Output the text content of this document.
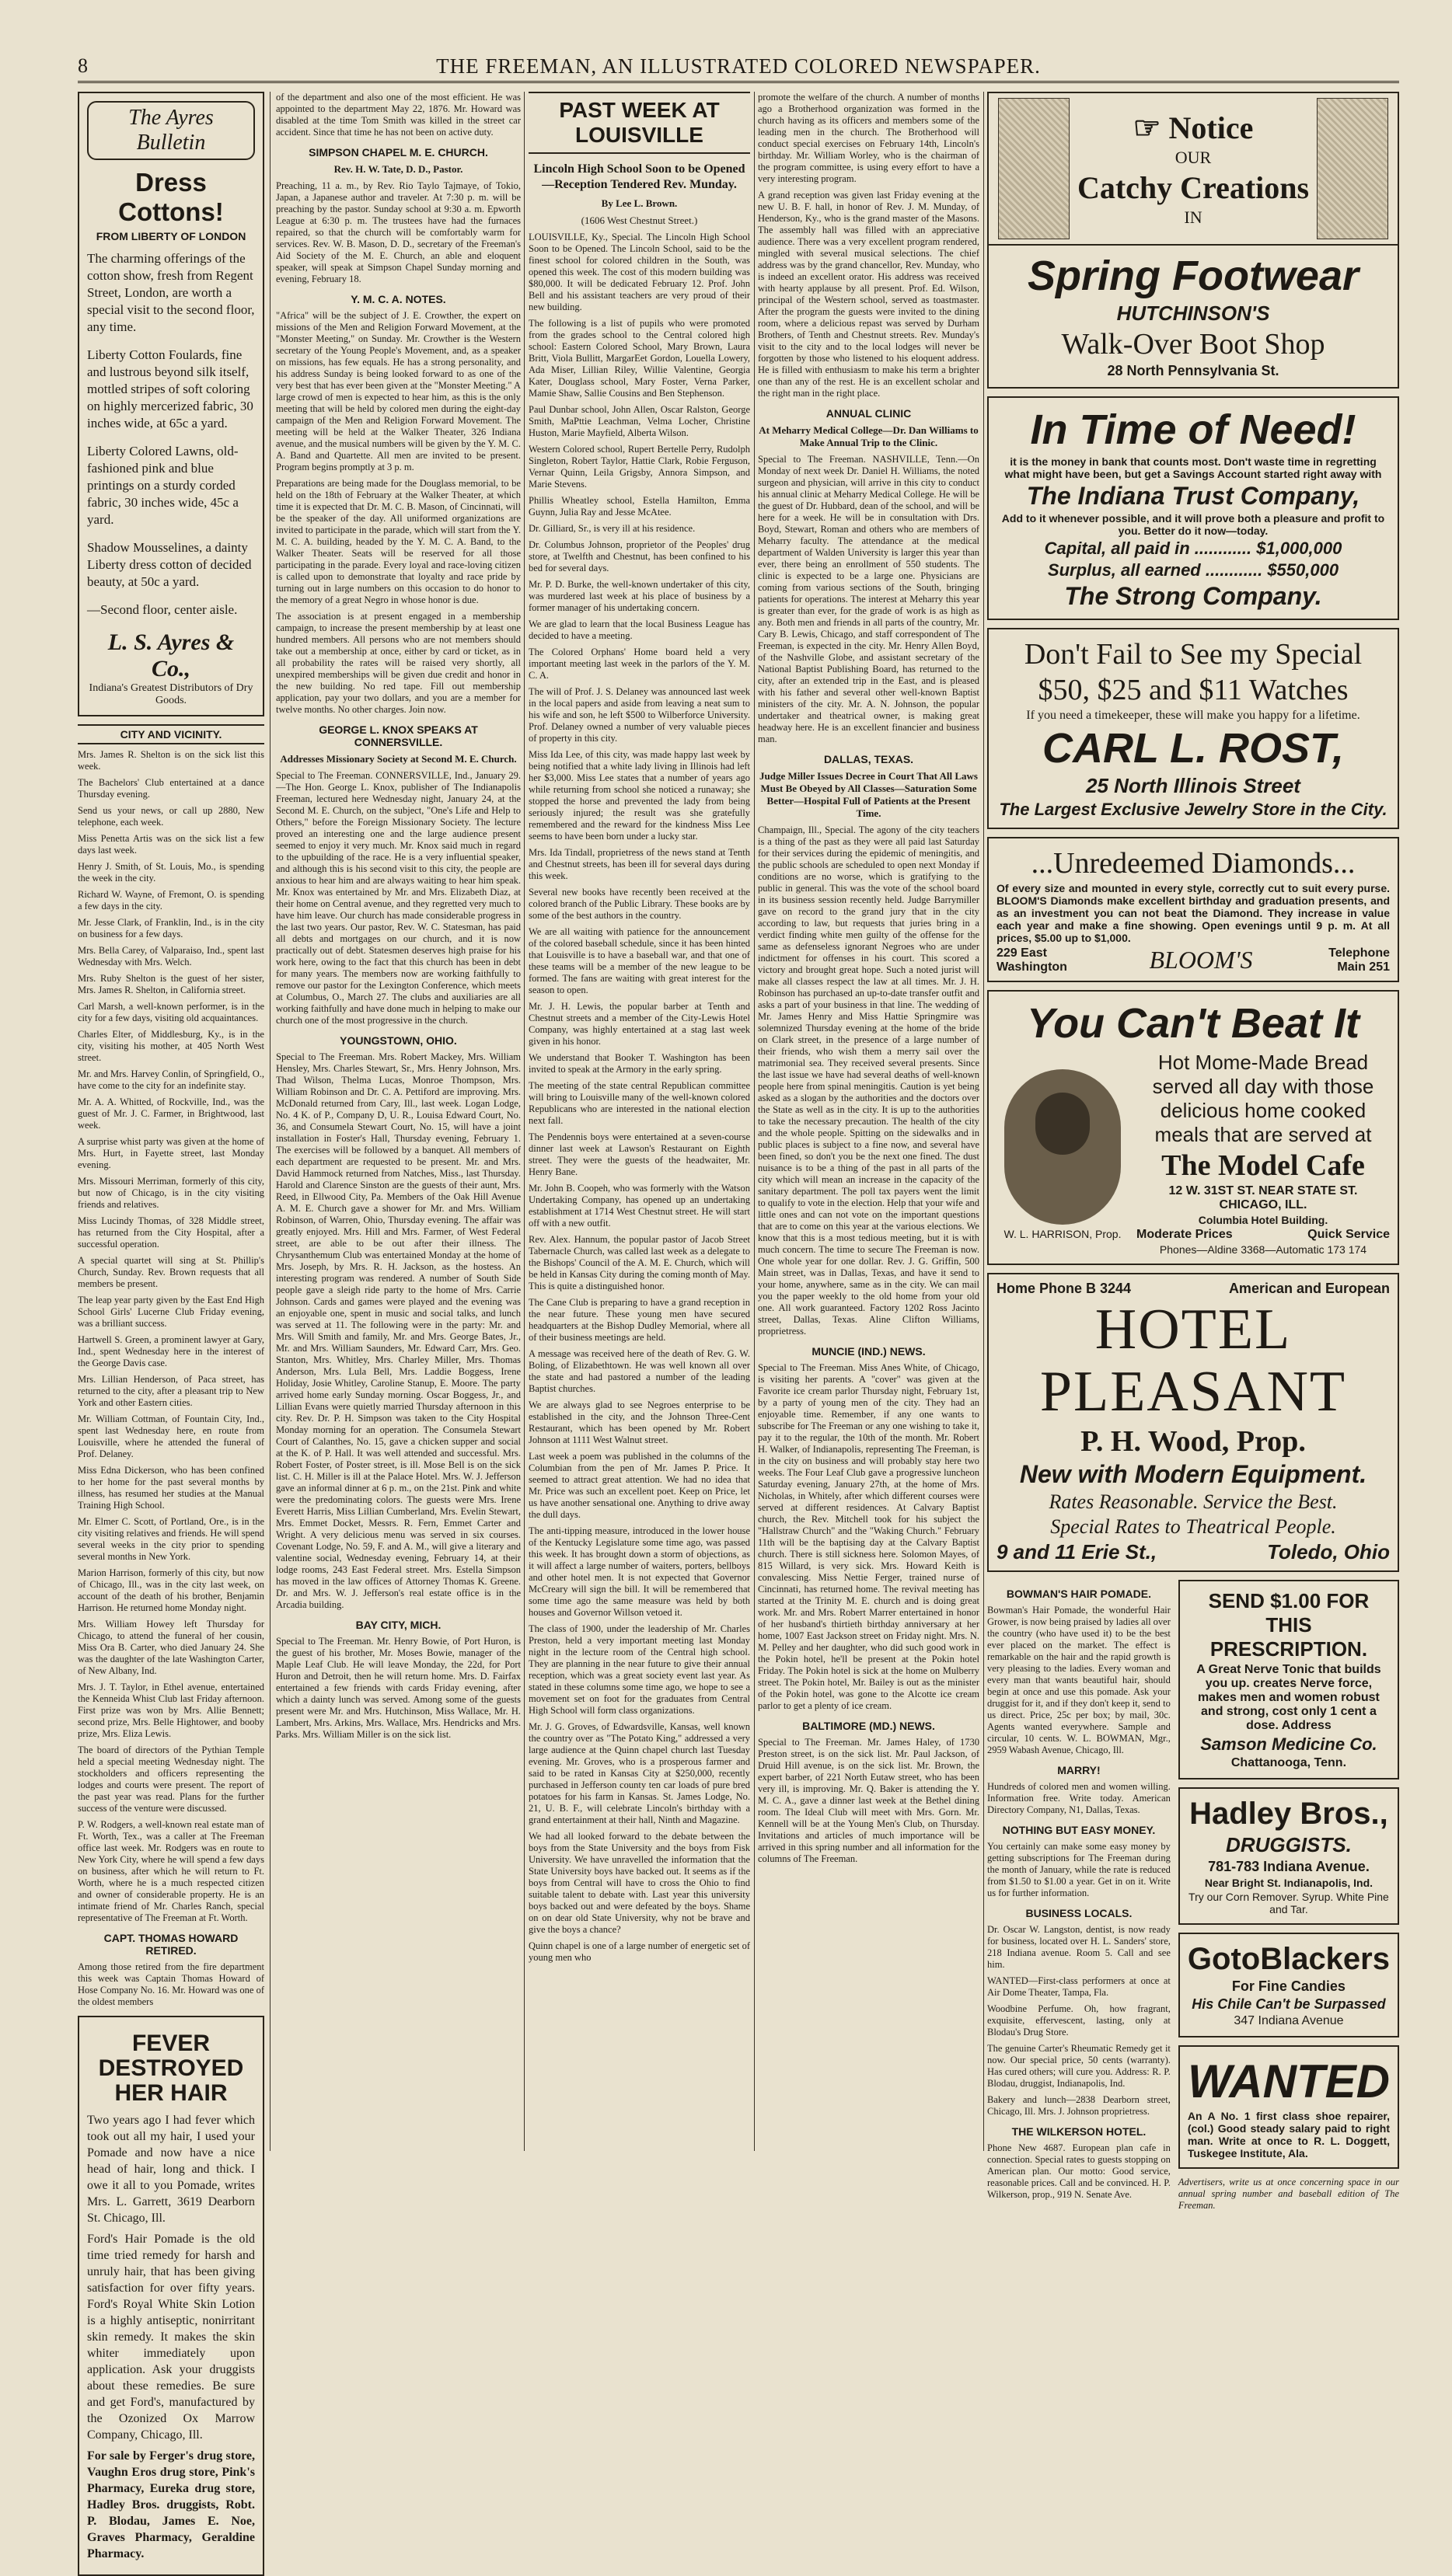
8	THE FREEMAN, AN ILLUSTRATED COLORED NEWSPAPER.
The Ayres Bulletin
Dress Cottons!
FROM LIBERTY OF LONDON

The charming offerings of the cotton show, fresh from Regent Street, London, are worth a special visit to the second floor, any time.

Liberty Cotton Foulards, fine and lustrous beyond silk itself, mottled stripes of soft coloring on highly mercerized fabric, 30 inches wide, at 65c a yard.

Liberty Colored Lawns, old-fashioned pink and blue printings on a sturdy corded fabric, 30 inches wide, 45c a yard.

Shadow Mousselines, a dainty Liberty dress cotton of decided beauty, at 50c a yard.

—Second floor, center aisle.

L. S. Ayres & Co.,
Indiana's Greatest Distributors of Dry Goods.
CITY AND VICINITY.

Mrs. James R. Shelton is on the sick list this week.

The Bachelors' Club entertained at a dance Thursday evening.

Send us your news, or call up 2880, New telephone, each week.

Miss Penetta Artis was on the sick list a few days last week.

Henry J. Smith, of St. Louis, Mo., is spending the week in the city.

Richard W. Wayne, of Fremont, O. is spending a few days in the city.

Mr. Jesse Clark, of Franklin, Ind., is in the city on business for a few days.

Mrs. Bella Carey, of Valparaiso, Ind., spent last Wednesday with Mrs. Welch.

Mrs. Ruby Shelton is the guest of her sister, Mrs. James R. Shelton, in California street.

Carl Marsh, a well-known performer, is in the city for a few days, visiting old acquaintances.

Charles Elter, of Middlesburg, Ky., is in the city, visiting his mother, at 405 North West street.

Mr. and Mrs. Harvey Conlin, of Springfield, O., have come to the city for an indefinite stay.

Mr. A. A. Whitted, of Rockville, Ind., was the guest of Mr. J. C. Farmer, in Brightwood, last week.

A surprise whist party was given at the home of Mrs. Hurt, in Fayette street, last Monday evening.

Mrs. Missouri Merriman, formerly of this city, but now of Chicago, is in the city visiting friends and relatives.

Miss Lucindy Thomas, of 328 Middle street, has returned from the City Hospital, after a successful operation.

A special quartet will sing at St. Phillip's Church, Sunday. Rev. Brown requests that all members be present.

The leap year party given by the East End High School Girls' Lucerne Club Friday evening, was a brilliant success.

Hartwell S. Green, a prominent lawyer at Gary, Ind., spent Wednesday here in the interest of the George Davis case.

Mrs. Lillian Henderson, of Paca street, has returned to the city, after a pleasant trip to New York and other Eastern cities.

Mr. William Cottman, of Fountain City, Ind., spent last Wednesday here, en route from Louisville, where he attended the funeral of Prof. Delaney.

Miss Edna Dickerson, who has been confined to her home for the past several months by illness, has resumed her studies at the Manual Training High School.

Mr. Elmer C. Scott, of Portland, Ore., is in the city visiting relatives and friends. He will spend several weeks in the city prior to spending several months in New York.

Marion Harrison, formerly of this city, but now of Chicago, Ill., was in the city last week, on account of the death of his brother, Benjamin Harrison. He returned home Monday night.

Mrs. William Howey left Thursday for Chicago, to attend the funeral of her cousin, Miss Ora B. Carter, who died January 24. She was the daughter of the late Washington Carter, of New Albany, Ind.

Mrs. J. T. Taylor, in Ethel avenue, entertained the Kenneida Whist Club last Friday afternoon. First prize was won by Mrs. Allie Bennett; second prize, Mrs. Belle Hightower, and booby prize, Mrs. Eliza Lewis.

The board of directors of the Pythian Temple held a special meeting Wednesday night. The stockholders and officers representing the lodges and courts were present. The report of the past year was read. Plans for the further success of the venture were discussed.

P. W. Rodgers, a well-known real estate man of Ft. Worth, Tex., was a caller at The Freeman office last week. Mr. Rodgers was en route to New York City, where he will spend a few days on business, after which he will return to Ft. Worth, where he is a much respected citizen and owner of considerable property. He is an intimate friend of Mr. Charles Ranch, special representative of The Freeman at Ft. Worth.

CAPT. THOMAS HOWARD RETIRED.

Among those retired from the fire department this week was Captain Thomas Howard of Hose Company No. 16. Mr. Howard was one of the oldest members

FEVER DESTROYED HER HAIR

Two years ago I had fever which took out all my hair, I used your Pomade and now have a nice head of hair, long and thick. I owe it all to you Pomade, writes Mrs. L. Garrett, 3619 Dearborn St. Chicago, Ill.

Ford's Hair Pomade is the old time tried remedy for harsh and unruly hair, that has been giving satisfaction for over fifty years. Ford's Royal White Skin Lotion is a highly antiseptic, nonirritant skin remedy. It makes the skin whiter immediately upon application. Ask your druggists about these remedies. Be sure and get Ford's, manufactured by the Ozonized Ox Marrow Company, Chicago, Ill.

For sale by Ferger's drug store, Vaughn Eros drug store, Pink's Pharmacy, Eureka drug store, Hadley Bros. druggists, Robt. P. Blodau, James E. Noe, Graves Pharmacy, Geraldine Pharmacy.

of the department and also one of the most efficient. He was appointed to the department May 22, 1876. Mr. Howard was disabled at the time Tom Smith was killed in the street car accident. Since that time he has not been on active duty.

SIMPSON CHAPEL M. E. CHURCH.
Rev. H. W. Tate, D. D., Pastor.

Preaching, 11 a. m., by Rev. Rio Taylo Tajmaye, of Tokio, Japan, a Japanese author and traveler. At 7:30 p. m. will be preaching by the pastor. Sunday school at 9:30 a. m. Epworth League at 6:30 p. m. The trustees have had the furnaces repaired, so that the church will be comfortably warm for services. Rev. W. B. Mason, D. D., secretary of the Freeman's Aid Society of the M. E. Church, an able and eloquent speaker, will speak at Simpson Chapel Sunday morning and evening, February 18.

Y. M. C. A. NOTES.

"Africa" will be the subject of J. E. Crowther, the expert on missions of the Men and Religion Forward Movement, at the "Monster Meeting," on Sunday. Mr. Crowther is the Western secretary of the Young People's Movement, and, as a speaker on missions, has few equals. He has a strong personality, and his address Sunday is being looked forward to as one of the very best that has ever been given at the "Monster Meeting." A large crowd of men is expected to hear him, as this is the only meeting that will be held by colored men during the eight-day campaign of the Men and Religion Forward Movement. The meeting will be held at the Walker Theater, 326 Indiana avenue, and the musical numbers will be given by the Y. M. C. A. Band and Quartette. All men are invited to be present. Program begins promptly at 3 p. m.

Preparations are being made for the Douglass memorial, to be held on the 18th of February at the Walker Theater, at which time it is expected that Dr. M. C. B. Mason, of Cincinnati, will be the speaker of the day. All uniformed organizations are invited to participate in the parade, which will start from the Y. M. C. A. building, headed by the Y. M. C. A. Band, to the Walker Theater. Seats will be reserved for all those participating in the parade. Every loyal and race-loving citizen is called upon to demonstrate that loyalty and race pride by turning out in large numbers on this occasion to do honor to the memory of a great Negro in whose honor is due.

The association is at present engaged in a membership campaign, to increase the present membership by at least one hundred members. All persons who are not members should take out a membership at once, either by card or ticket, as in all probability the rates will be raised very shortly, all unexpired memberships will be given due credit and honor in the new building. No red tape. Fill out membership application, pay your two dollars, and you are a member for twelve months. No other charges. Join now.

GEORGE L. KNOX SPEAKS AT CONNERSVILLE.
Addresses Missionary Society at Second M. E. Church.

Special to The Freeman. CONNERSVILLE, Ind., January 29.—The Hon. George L. Knox, publisher of The Indianapolis Freeman, lectured here Wednesday night, January 24, at the Second M. E. Church, on the subject, "One's Life and Help to Others," before the Foreign Missionary Society. The lecture proved an interesting one and the large audience present seemed to enjoy it very much. Mr. Knox said much in regard to the upbuilding of the race. He is a very influential speaker, and although this is his second visit to this city, the people are anxious to hear him and are always waiting to hear him speak. Mr. Knox was entertained by Mr. and Mrs. Elizabeth Diaz, at their home on Central avenue, and they regretted very much to have him leave. Our church has made considerable progress in the last two years. Our pastor, Rev. W. C. Statesman, has paid all debts and mortgages on our church, and it is now practically out of debt. Statesmen deserves high praise for his work here, owing to the fact that this church has been in debt for many years. The members now are working faithfully to remove our pastor for the Lexington Conference, which meets at Columbus, O., March 27. The clubs and auxiliaries are all working faithfully and have done much in helping to make our church one of the most progressive in the church.

YOUNGSTOWN, OHIO.

Special to The Freeman. Mrs. Robert Mackey, Mrs. William Hensley, Mrs. Charles Stewart, Sr., Mrs. Henry Johnson, Mrs. Thad Wilson, Thelma Lucas, Monroe Thompson, Mrs. William Robinson and Dr. C. A. Pettiford are improving. Mrs. McDonald returned from Cary, Ill., last week. Logan Lodge, No. 4 K. of P., Company D, U. R., Louisa Edward Court, No. 36, and Consumela Stewart Court, No. 15, will have a joint installation in Foster's Hall, Thursday evening, February 1. The exercises will be followed by a banquet. All members of each department are requested to be present. Mr. and Mrs. David Hammock returned from Natches, Miss., last Thursday. Harold and Clarence Sinston are the guests of their aunt, Mrs. Reed, in Ellwood City, Pa. Members of the Oak Hill Avenue A. M. E. Church gave a shower for Mr. and Mrs. William Robinson, of Warren, Ohio, Thursday evening. The affair was greatly enjoyed. Mrs. Hill and Mrs. Farmer, of West Federal street, are able to be out after their illness. The Chrysanthemum Club was entertained Monday at the home of Mrs. Joseph, by Mrs. R. H. Jackson, as the hostess. An interesting program was rendered. A number of South Side people gave a sleigh ride party to the home of Mrs. Carrie Johnson. Cards and games were played and the evening was an enjoyable one, spent in music and social talks, and lunch was served at 11. The following were in the party: Mr. and Mrs. Will Smith and family, Mr. and Mrs. George Bates, Jr., Mr. and Mrs. William Saunders, Mr. Edward Carr, Mrs. Geo. Stanton, Mrs. Whitley, Mrs. Charley Miller, Mrs. Thomas Anderson, Mrs. Lula Bell, Mrs. Laddie Boggess, Irene Holiday, Josie Whitley, Caroline Stanup, E. Moore. The party arrived home early Sunday morning. Oscar Boggess, Jr., and Lillian Evans were quietly married Thursday afternoon in this city. Rev. Dr. P. H. Simpson was taken to the City Hospital Monday morning for an operation. The Consumela Stewart Court of Calanthes, No. 15, gave a chicken supper and social at the K. of P. Hall. It was well attended and successful. Mrs. Robert Foster, of Poster street, is ill. Mose Bell is on the sick list. C. H. Miller is ill at the Palace Hotel. Mrs. W. J. Jefferson gave an informal dinner at 6 p. m., on the 21st. Pink and white were the predominating colors. The guests were Mrs. Irene Everett Harris, Miss Lillian Cumberland, Mrs. Evelin Stewart, Mrs. Emmet Docket, Messrs. R. Fern, Emmet Carter and Wright. A very delicious menu was served in six courses. Covenant Lodge, No. 59, F. and A. M., will give a literary and valentine social, Wednesday evening, February 14, at their lodge rooms, 243 East Federal street. Mrs. Estella Simpson has moved in the law offices of Attorney Thomas K. Greene. Dr. and Mrs. W. J. Jefferson's real estate office is in the Arcadia building.

BAY CITY, MICH.

Special to The Freeman. Mr. Henry Bowie, of Port Huron, is the guest of his brother, Mr. Moses Bowie, manager of the Maple Leaf Club. He will leave Monday, the 22d, for Port Huron and Detroit, then he will return home. Mrs. D. Fairfax entertained a few friends with cards Friday evening, after which a dainty lunch was served. Among some of the guests present were Mr. and Mrs. Hutchinson, Miss Wallace, Mr. H. Lambert, Mrs. Arkins, Mrs. Wallace, Mrs. Hendricks and Mrs. Parks. Mrs. William Miller is on the sick list.

PAST WEEK AT LOUISVILLE
Lincoln High School Soon to be Opened—Reception Tendered Rev. Munday.
By Lee L. Brown.
(1606 West Chestnut Street.)

LOUISVILLE, Ky., Special. The Lincoln High School Soon to be Opened. The Lincoln School, said to be the finest school for colored children in the South, was opened this week. The cost of this modern building was $80,000. It will be dedicated February 12. Prof. John Bell and his assistant teachers are very proud of their new building.

The following is a list of pupils who were promoted from the grades school to the Central colored high school: Eastern Colored School, Mary Brown, Laura Britt, Viola Bullitt, MargarEet Gordon, Louella Lowery, Ada Miser, Lillian Riley, Willie Valentine, Georgia Kater, Douglass school, Mary Foster, Verna Parker, Mamie Shaw, Sallie Cousins and Ben Stephenson.

Paul Dunbar school, John Allen, Oscar Ralston, George Smith, MaPttie Leachman, Velma Locher, Christine Huston, Marie Mayfield, Alberta Wilson.

Western Colored school, Rupert Bertelle Perry, Rudolph Singleton, Robert Taylor, Hattie Clark, Robie Ferguson, Vernar Quinn, Leila Grigsby, Annora Simpson, and Marie Stevens.

Phillis Wheatley school, Estella Hamilton, Emma Guynn, Julia Ray and Jesse McAtee.

Dr. Gilliard, Sr., is very ill at his residence.

Dr. Columbus Johnson, proprietor of the Peoples' drug store, at Twelfth and Chestnut, has been confined to his bed for several days.

Mr. P. D. Burke, the well-known undertaker of this city, was murdered last week at his place of business by a former manager of his undertaking concern.

We are glad to learn that the local Business League has decided to have a meeting.

The Colored Orphans' Home board held a very important meeting last week in the parlors of the Y. M. C. A.

The will of Prof. J. S. Delaney was announced last week in the local papers and aside from leaving a neat sum to his wife and son, he left $500 to Wilberforce University. Prof. Delaney owned a number of very valuable pieces of property in this city.

Miss Ida Lee, of this city, was made happy last week by being notified that a white lady living in Illinois had left her $3,000. Miss Lee states that a number of years ago while returning from school she noticed a runaway; she stopped the horse and prevented the lady from being seriously injured; the result was she gratefully remembered and the reward for the kindness Miss Lee seems to have been born under a lucky star.

Mrs. Ida Tindall, proprietress of the news stand at Tenth and Chestnut streets, has been ill for several days during this week.

Several new books have recently been received at the colored branch of the Public Library. These books are by some of the best authors in the country.

We are all waiting with patience for the announcement of the colored baseball schedule, since it has been hinted that Louisville is to have a baseball war, and that one of these teams will be a member of the new league to be formed. The fans are waiting with great interest for the season to open.

Mr. J. H. Lewis, the popular barber at Tenth and Chestnut streets and a member of the City-Lewis Hotel Company, was highly entertained at a stag last week given in his honor.

We understand that Booker T. Washington has been invited to speak at the Armory in the early spring.

The meeting of the state central Republican committee will bring to Louisville many of the well-known colored Republicans who are interested in the national election next fall.

The Pendennis boys were entertained at a seven-course dinner last week at Lawson's Restaurant on Eighth street. They were the guests of the headwaiter, Mr. Henry Bane.

Mr. John B. Coopeh, who was formerly with the Watson Undertaking Company, has opened up an undertaking establishment at 1714 West Chestnut street. He will start off with a new outfit.

Rev. Alex. Hannum, the popular pastor of Jacob Street Tabernacle Church, was called last week as a delegate to the Bishops' Council of the A. M. E. Church, which will be held in Kansas City during the coming month of May. This is quite a distinguished honor.

The Cane Club is preparing to have a grand reception in the near future. These young men have secured headquarters at the Bishop Dudley Memorial, where all of their business meetings are held.

A message was received here of the death of Rev. G. W. Boling, of Elizabethtown. He was well known all over the state and had pastored a number of the leading Baptist churches.

We are always glad to see Negroes enterprise to be established in the city, and the Johnson Three-Cent Restaurant, which has been opened by Mr. Robert Johnson at 1111 West Walnut street.

Last week a poem was published in the columns of the Columbian from the pen of Mr. James P. Price. It seemed to attract great attention. We had no idea that Mr. Price was such an excellent poet. Keep on Price, let us have another sensational one. Anything to drive away the dull days.

The anti-tipping measure, introduced in the lower house of the Kentucky Legislature some time ago, was passed this week. It has brought down a storm of objections, as it will affect a large number of waiters, porters, bellboys and other hotel men. It is not expected that Governor McCreary will sign the bill. It will be remembered that some time ago the same measure was held by both houses and Governor Willson vetoed it.

The class of 1900, under the leadership of Mr. Charles Preston, held a very important meeting last Monday night in the lecture room of the Central high school. They are planning in the near future to give their annual reception, which was a great society event last year. As stated in these columns some time ago, we hope to see a movement set on foot for the graduates from Central High School will form class organizations.

Mr. J. G. Groves, of Edwardsville, Kansas, well known the country over as "The Potato King," addressed a very large audience at the Quinn chapel church last Tuesday evening. Mr. Groves, who is a prosperous farmer and said to be rated in Kansas City at $250,000, recently purchased in Jefferson county ten car loads of pure bred potatoes for his farm in Kansas. St. James Lodge, No. 21, U. B. F., will celebrate Lincoln's birthday with a grand entertainment at their hall, Ninth and Magazine.

We had all looked forward to the debate between the boys from the State University and the boys from Fisk University. We have unravelled the information that the State University boys have backed out. It seems as if the boys from Central will have to cross the Ohio to find suitable talent to debate with. Last year this university boys backed out and were defeated by the boys. Shame on on dear old State University, why not be brave and give the boys a chance?

Quinn chapel is one of a large number of energetic set of young men who

promote the welfare of the church. A number of months ago a Brotherhood organization was formed in the church having as its officers and members some of the leading men in the church. The Brotherhood will conduct special exercises on February 14th, Lincoln's birthday. Mr. William Worley, who is the chairman of the program committee, is using every effort to have a very interesting program.

A grand reception was given last Friday evening at the new U. B. F. hall, in honor of Rev. J. M. Munday, of Henderson, Ky., who is the grand master of the Masons. The assembly hall was filled with an appreciative audience. There was a very excellent program rendered, mingled with several musical selections. The chief address was by the grand chancellor, Rev. Munday, who is indeed an excellent orator. His address was received with hearty applause by all present. Prof. Ed. Wilson, principal of the Western school, served as toastmaster. After the program the guests were invited to the dining room, where a delicious repast was served by Durham Brothers, of Tenth and Chestnut streets. Rev. Munday's visit to the city and to the local lodges will never be forgotten by those who listened to his eloquent address. He is filled with enthusiasm to make his term a brighter one than any of the rest. He is an excellent scholar and the right man in the right place.

ANNUAL CLINIC
At Meharry Medical College—Dr. Dan Williams to Make Annual Trip to the Clinic.

Special to The Freeman. NASHVILLE, Tenn.—On Monday of next week Dr. Daniel H. Williams, the noted surgeon and physician, will arrive in this city to conduct his annual clinic at Meharry Medical College. He will be the guest of Dr. Hubbard, dean of the school, and will be here for a week. He will be in consultation with Drs. Boyd, Stewart, Roman and others who are members of Meharry faculty. The attendance at the medical department of Walden University is larger this year than ever, there being an enrollment of 550 students. The clinic is expected to be a large one. Physicians are coming from various sections of the South, bringing patients for operations. The interest at Meharry this year is greater than ever, for the grade of work is as high as any. Both men and friends in all parts of the country, Mr. Cary B. Lewis, Chicago, and staff correspondent of The Freeman, is expected in the city. Mr. Henry Allen Boyd, of the Nashville Globe, and assistant secretary of the National Baptist Publishing Board, has returned to the city, after an extended trip in the East, and is pleased with his father and several other well-known Baptist ministers of the city. Mr. A. N. Johnson, the popular undertaker and theatrical owner, is making great headway here. He is an excellent financier and business man.

DALLAS, TEXAS.
Judge Miller Issues Decree in Court That All Laws Must Be Obeyed by All Classes—Saturation Some Better—Hospital Full of Patients at the Present Time.

Champaign, Ill., Special. The agony of the city teachers is a thing of the past as they were all paid last Saturday for their services during the epidemic of meningitis, and the public schools are scheduled to open next Monday if conditions are no worse, which is gratifying to the public in general. This was the vote of the school board in its business session recently held. Judge Barrymiller gave on record to the grand jury that in the city according to law, but requests that juries bring in a verdict finding white men guilty of the offense for the same as defenseless ignorant Negroes who are under indictment for offenses in his court. This scored a victory and brought great hope. Such a noted jurist will make all classes respect the law at all times. Mr. J. H. Robinson has purchased an up-to-date transfer outfit and asks a part of your business in that line. The wedding of Mr. James Henry and Miss Hattie Springmire was solemnized Thursday evening at the home of the bride on Clark street, in the presence of a large number of their friends, who wish them a merry sail over the matrimonial sea. They received several presents. Since the last issue we have had several deaths of well-known people here from spinal meningitis. Caution is yet being asked as a slogan by the authorities and the doctors over the State as well as in the city. It is up to the authorities to take the necessary precaution. The health of the city and the whole people. Spitting on the sidewalks and in public places is subject to a fine now, and several have been fined, so don't you be the next one fined. The dust nuisance is to be a thing of the past in all parts of the city which will mean an increase in the capacity of the sanitary department. The poll tax payers went the limit to qualify to vote in the election. Help that your wife and little ones and can not vote on the important questions that are to come on this year at the various elections. We know that this is a most tedious meeting, but it is with much concern. The time to secure The Freeman is now. One whole year for one dollar. Rev. J. G. Griffin, 500 Main street, was in Dallas, Texas, and have it send to your home, anywhere, same as in the city. We can mail you the paper weekly to the old home from your old one. All work guaranteed. Factory 1202 Ross Jacinto street, Dallas, Texas. Aline Clifton Williams, proprietress.

MUNCIE (IND.) NEWS.

Special to The Freeman. Miss Anes White, of Chicago, is visiting her parents. A "cover" was given at the Favorite ice cream parlor Thursday night, February 1st, by a party of young men of the city. They had an enjoyable time. Remember, if any one wants to subscribe for The Freeman or any one wishing to take it, pay it to the regular, the 10th of the month. Mr. Robert H. Walker, of Indianapolis, representing The Freeman, is in the city on business and will probably stay here two weeks. The Four Leaf Club gave a progressive luncheon Saturday evening, January 27th, at the home of Mrs. Nicholas, in Whitely, after which different courses were served at different residences. At Calvary Baptist church, the Rev. Mitchell took for his subject the "Hallstraw Church" and the "Waking Church." February 11th will be the baptising day at the Calvary Baptist church. There is still sickness here. Solomon Mayes, of 815 Willard, is very sick. Mrs. Howard Keith is convalescing. Miss Nettie Ferger, trained nurse of Cincinnati, has returned home. The revival meeting has started at the Trinity M. E. church and is doing great work. Mr. and Mrs. Robert Marrer entertained in honor of her husband's thirtieth birthday anniversary at her home, 1007 East Jackson street on Friday night. Mrs. N. M. Pelley and her daughter, who did such good work in the Pokin hotel, he'll be present at the Pokin hotel Friday. The Pokin hotel is sick at the home on Mulberry street. The Pokin hotel, Mr. Bailey is out as the minister of the Pokin hotel, was gone to the Alcotte ice cream parlor to get a plenty of ice cream.

BALTIMORE (MD.) NEWS.

Special to The Freeman. Mr. James Haley, of 1730 Preston street, is on the sick list. Mr. Paul Jackson, of Druid Hill avenue, is on the sick list. Mr. Brown, the expert barber, of 221 North Eutaw street, who has been very ill, is improving. Mr. Q. Baker is attending the Y. M. C. A., gave a dinner last week at the Bethel dining room. The Ideal Club will meet with Mrs. Gorn. Mr. Kennell will be at the Young Men's Club, on Thursday. Invitations and articles of much importance will be arrived in this spring number and all information for the columns of The Freeman.

☞ Notice
OUR
Catchy Creations
IN
Spring Footwear
HUTCHINSON'S
Walk-Over Boot Shop
28 North Pennsylvania St.
In Time of Need!
it is the money in bank that counts most. Don't waste time in regretting what might have been, but get a Savings Account started right away with
The Indiana Trust Company,
Add to it whenever possible, and it will prove both a pleasure and profit to you. Better do it now—today.
Capital, all paid in ............ $1,000,000
Surplus, all earned ............ $550,000
The Strong Company.
Don't Fail to See my Special
$50, $25 and $11 Watches
If you need a timekeeper, these will make you happy for a lifetime.
CARL L. ROST,
25 North Illinois Street
The Largest Exclusive Jewelry Store in the City.
...Unredeemed Diamonds...
Of every size and mounted in every style, correctly cut to suit every purse. BLOOM'S Diamonds make excellent birthday and graduation presents, and as an investment you can not beat the Diamond. They increase in value each year and make a fine showing. Open evenings until 9 p. m. At all prices, $5.00 up to $1,000.
229 East Washington	BLOOM'S	Telephone Main 251
You Can't Beat It
W. L. HARRISON, Prop.
Hot Mome-Made Bread served all day with those delicious home cooked meals that are served at
The Model Cafe
12 W. 31ST ST. NEAR STATE ST. CHICAGO, ILL.
Columbia Hotel Building.
Moderate Prices	Quick Service
Phones—Aldine 3368—Automatic 173 174
Home Phone B 3244	American and European
HOTEL PLEASANT
P. H. Wood, Prop.
New with Modern Equipment.
Rates Reasonable. Service the Best.
Special Rates to Theatrical People.
9 and 11 Erie St.,	Toledo, Ohio
BOWMAN'S HAIR POMADE.

Bowman's Hair Pomade, the wonderful Hair Grower, is now being praised by ladies all over the country (who have used it) to be the best ever placed on the market. The effect is remarkable on the hair and the rapid growth is very pleasing to the ladies. Every woman and every man that wants beautiful hair, should begin at once and use this pomade. Ask your druggist for it, and if they don't keep it, send to us direct. Price, 25c per box; by mail, 30c. Agents wanted everywhere. Sample and circular, 10 cents. W. L. BOWMAN, Mgr., 2959 Wabash Avenue, Chicago, Ill.

MARRY!

Hundreds of colored men and women willing. Information free. Write today. American Directory Company, N1, Dallas, Texas.

NOTHING BUT EASY MONEY.

You certainly can make some easy money by getting subscriptions for The Freeman during the month of January, while the rate is reduced from $1.50 to $1.00 a year. Get in on it. Write us for further information.

BUSINESS LOCALS.

Dr. Oscar W. Langston, dentist, is now ready for business, located over H. L. Sanders' store, 218 Indiana avenue. Room 5. Call and see him.

WANTED—First-class performers at once at Air Dome Theater, Tampa, Fla.

Woodbine Perfume. Oh, how fragrant, exquisite, effervescent, lasting, only at Blodau's Drug Store.

The genuine Carter's Rheumatic Remedy get it now. Our special price, 50 cents (warranty). Has cured others; will cure you. Address: R. P. Blodau, druggist, Indianapolis, Ind.

Bakery and lunch—2838 Dearborn street, Chicago, Ill. Mrs. J. Johnson proprietress.

THE WILKERSON HOTEL.

Phone New 4687. European plan cafe in connection. Special rates to guests stopping on American plan. Our motto: Good service, reasonable prices. Call and be convinced. H. P. Wilkerson, prop., 919 N. Senate Ave.

SEND $1.00 FOR THIS PRESCRIPTION.
A Great Nerve Tonic that builds you up. creates Nerve force, makes men and women robust and strong, cost only 1 cent a dose. Address
Samson Medicine Co.
Chattanooga, Tenn.
Hadley Bros.,
DRUGGISTS.
781-783 Indiana Avenue.
Near Bright St. Indianapolis, Ind.
Try our Corn Remover. Syrup. White Pine and Tar.
GotoBlackers
For Fine Candies
His Chile Can't be Surpassed
347 Indiana Avenue
WANTED
An A No. 1 first class shoe repairer, (col.) Good steady salary paid to right man. Write at once to R. L. Doggett, Tuskegee Institute, Ala.

Advertisers, write us at once concerning space in our annual spring number and baseball edition of The Freeman.
